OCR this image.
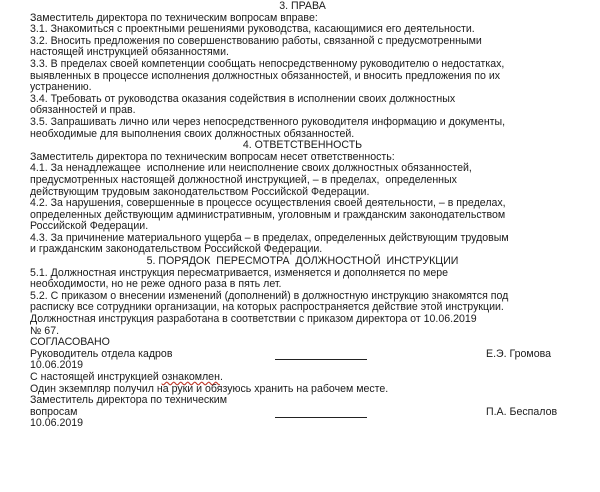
3. ПРАВА
Заместитель директора по техническим вопросам вправе:
3.1. Знакомиться с проектными решениями руководства, касающимися его деятельности.
3.2. Вносить предложения по совершенствованию работы, связанной с предусмотренными
настоящей инструкцией обязанностями.
3.3. В пределах своей компетенции сообщать непосредственному руководителю о недостатках,
выявленных в процессе исполнения должностных обязанностей, и вносить предложения по их
устранению.
3.4. Требовать от руководства оказания содействия в исполнении своих должностных
обязанностей и прав.
3.5. Запрашивать лично или через непосредственного руководителя информацию и документы,
необходимые для выполнения своих должностных обязанностей.
4. ОТВЕТСТВЕННОСТЬ
Заместитель директора по техническим вопросам несет ответственность:
4.1. За ненадлежащее  исполнение или неисполнение своих должностных обязанностей,
предусмотренных настоящей должностной инструкцией, – в пределах,  определенных
действующим трудовым законодательством Российской Федерации.
4.2. За нарушения, совершенные в процессе осуществления своей деятельности, – в пределах,
определенных действующим административным, уголовным и гражданским законодательством
Российской Федерации.
4.3. За причинение материального ущерба – в пределах, определенных действующим трудовым
и гражданским законодательством Российской Федерации.
5. ПОРЯДОК  ПЕРЕСМОТРА  ДОЛЖНОСТНОЙ  ИНСТРУКЦИИ
5.1. Должностная инструкция пересматривается, изменяется и дополняется по мере
необходимости, но не реже одного раза в пять лет.
5.2. С приказом о внесении изменений (дополнений) в должностную инструкцию знакомятся под
расписку все сотрудники организации, на которых распространяется действие этой инструкции.
Должностная инструкция разработана в соответствии с приказом директора от 10.06.2019
№ 67.
СОГЛАСОВАНО
Руководитель отдела кадров	Е.Э. Громова
10.06.2019
С настоящей инструкцией ознакомлен.
Один экземпляр получил на руки и обязуюсь хранить на рабочем месте.
Заместитель директора по техническим
вопросам	П.А. Беспалов
10.06.2019
